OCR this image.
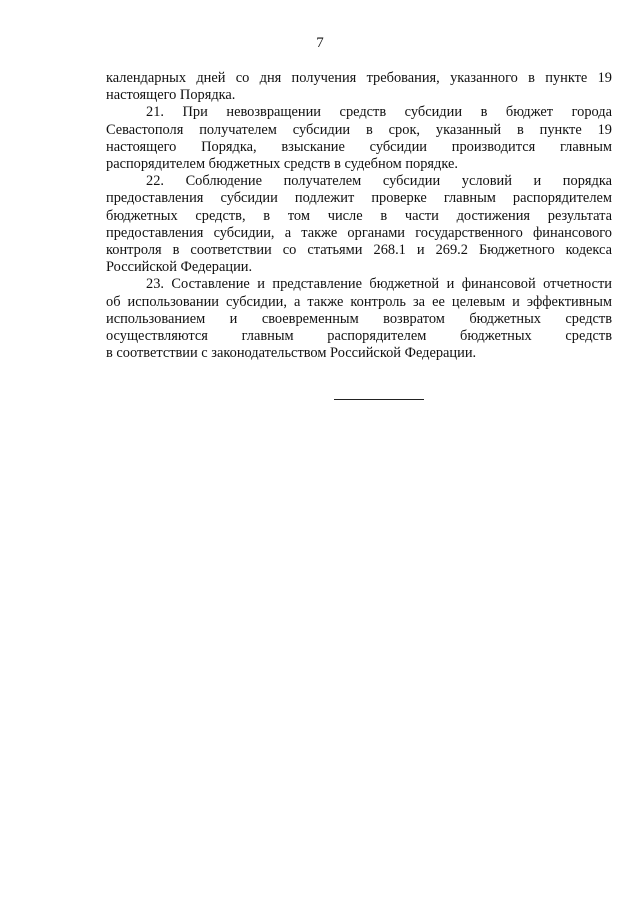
7

календарных дней со дня получения требования, указанного в пункте 19
настоящего Порядка.

21. При невозвращении средств субсидии в бюджет города
Севастополя получателем субсидии в срок, указанный в пункте 19
настоящего Порядка, взыскание субсидии производится главным
распорядителем бюджетных средств в судебном порядке.

22. Соблюдение получателем субсидии условий и порядка
предоставления субсидии подлежит проверке главным распорядителем
бюджетных средств, в том числе в части достижения результата
предоставления субсидии, а также органами государственного финансового
контроля в соответствии со статьями 268.1 и 269.2 Бюджетного кодекса
Российской Федерации.

23. Составление и представление бюджетной и финансовой отчетности
об использовании субсидии, а также контроль за ее целевым и эффективным
использованием и своевременным возвратом бюджетных средств
осуществляются главным распорядителем бюджетных средств
в соответствии с законодательством Российской Федерации.
